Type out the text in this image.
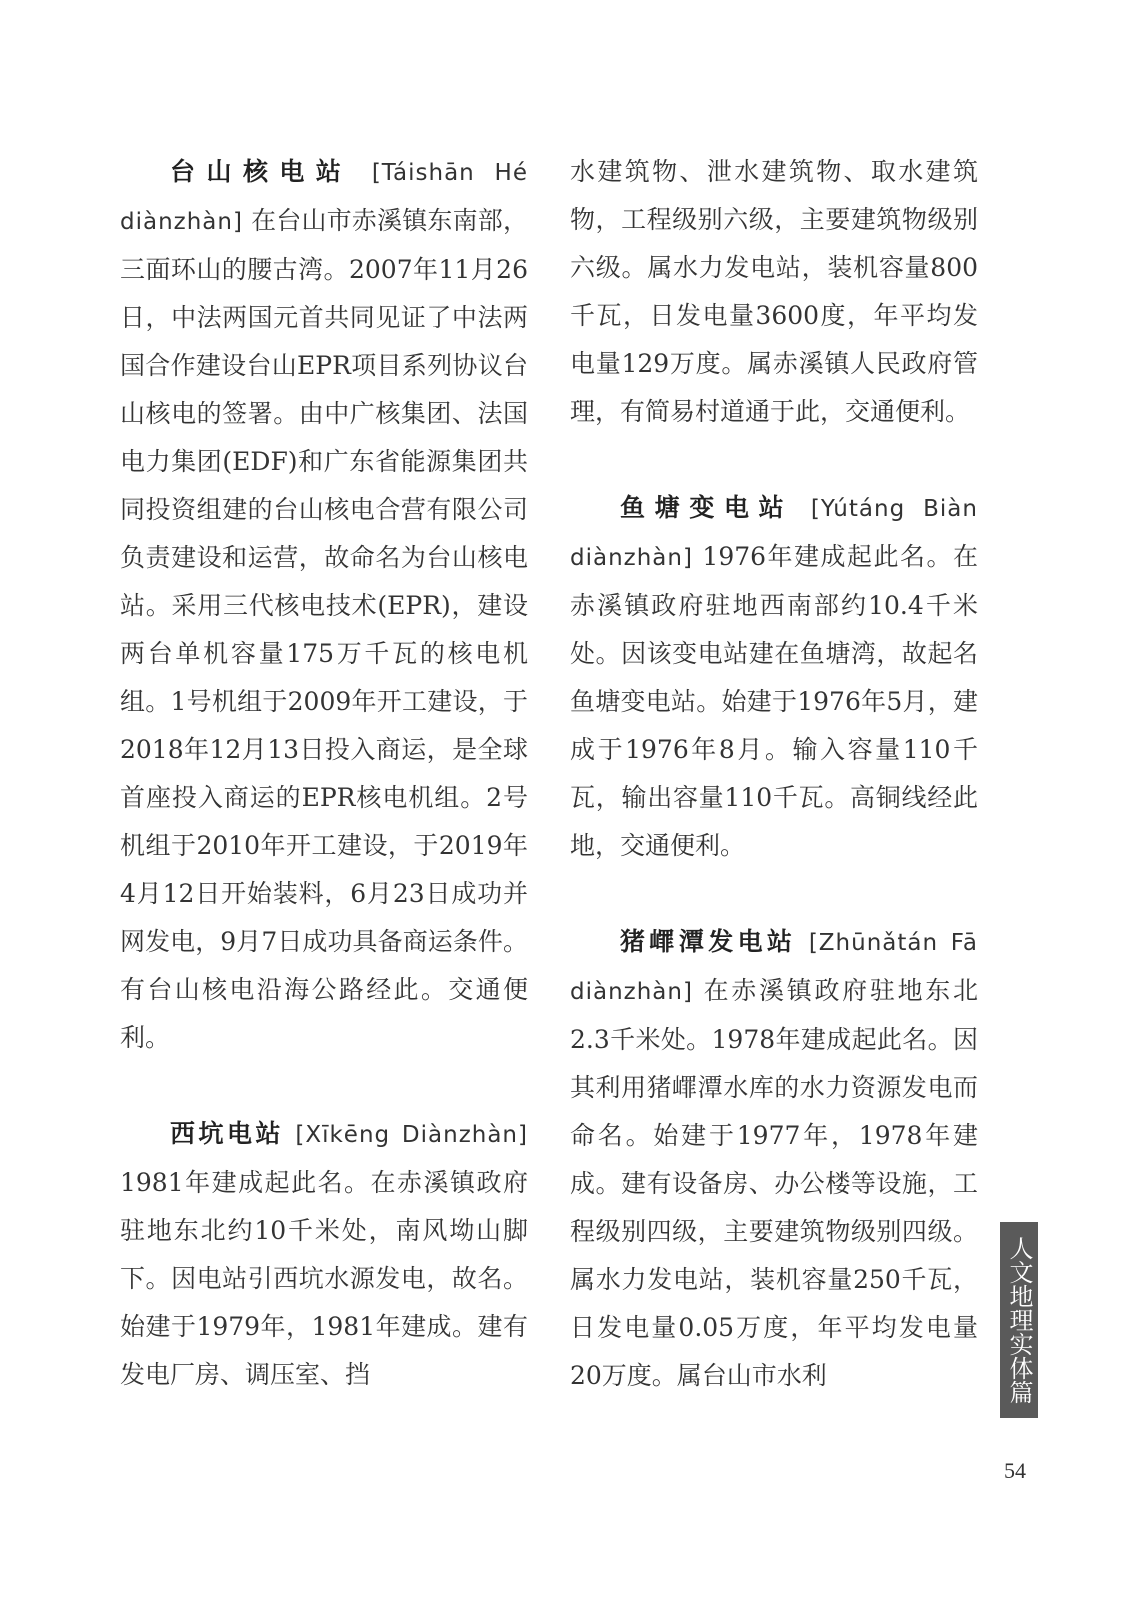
台山核电站 [Táishān Hé diànzhàn] 在台山市赤溪镇东南部，三面环山的腰古湾。2007年11月26日，中法两国元首共同见证了中法两国合作建设台山EPR项目系列协议台山核电的签署。由中广核集团、法国电力集团(EDF)和广东省能源集团共同投资组建的台山核电合营有限公司负责建设和运营，故命名为台山核电站。采用三代核电技术(EPR)，建设两台单机容量175万千瓦的核电机组。1号机组于2009年开工建设，于2018年12月13日投入商运，是全球首座投入商运的EPR核电机组。2号机组于2010年开工建设，于2019年4月12日开始装料，6月23日成功并网发电，9月7日成功具备商运条件。有台山核电沿海公路经此。交通便利。

西坑电站 [Xīkēng Diànzhàn] 1981年建成起此名。在赤溪镇政府驻地东北约10千米处，南风坳山脚下。因电站引西坑水源发电，故名。始建于1979年，1981年建成。建有发电厂房、调压室、挡

水建筑物、泄水建筑物、取水建筑物，工程级别六级，主要建筑物级别六级。属水力发电站，装机容量800千瓦，日发电量3600度，年平均发电量129万度。属赤溪镇人民政府管理，有简易村道通于此，交通便利。

鱼塘变电站 [Yútáng Biàn diànzhàn] 1976年建成起此名。在赤溪镇政府驻地西南部约10.4千米处。因该变电站建在鱼塘湾，故起名鱼塘变电站。始建于1976年5月，建成于1976年8月。输入容量110千瓦，输出容量110千瓦。高铜线经此地，交通便利。

猪嶵潭发电站 [Zhūnǎtán Fā diànzhàn] 在赤溪镇政府驻地东北2.3千米处。1978年建成起此名。因其利用猪嶵潭水库的水力资源发电而命名。始建于1977年，1978年建成。建有设备房、办公楼等设施，工程级别四级，主要建筑物级别四级。属水力发电站，装机容量250千瓦，日发电量0.05万度，年平均发电量20万度。属台山市水利	人文地理实体篇
54
